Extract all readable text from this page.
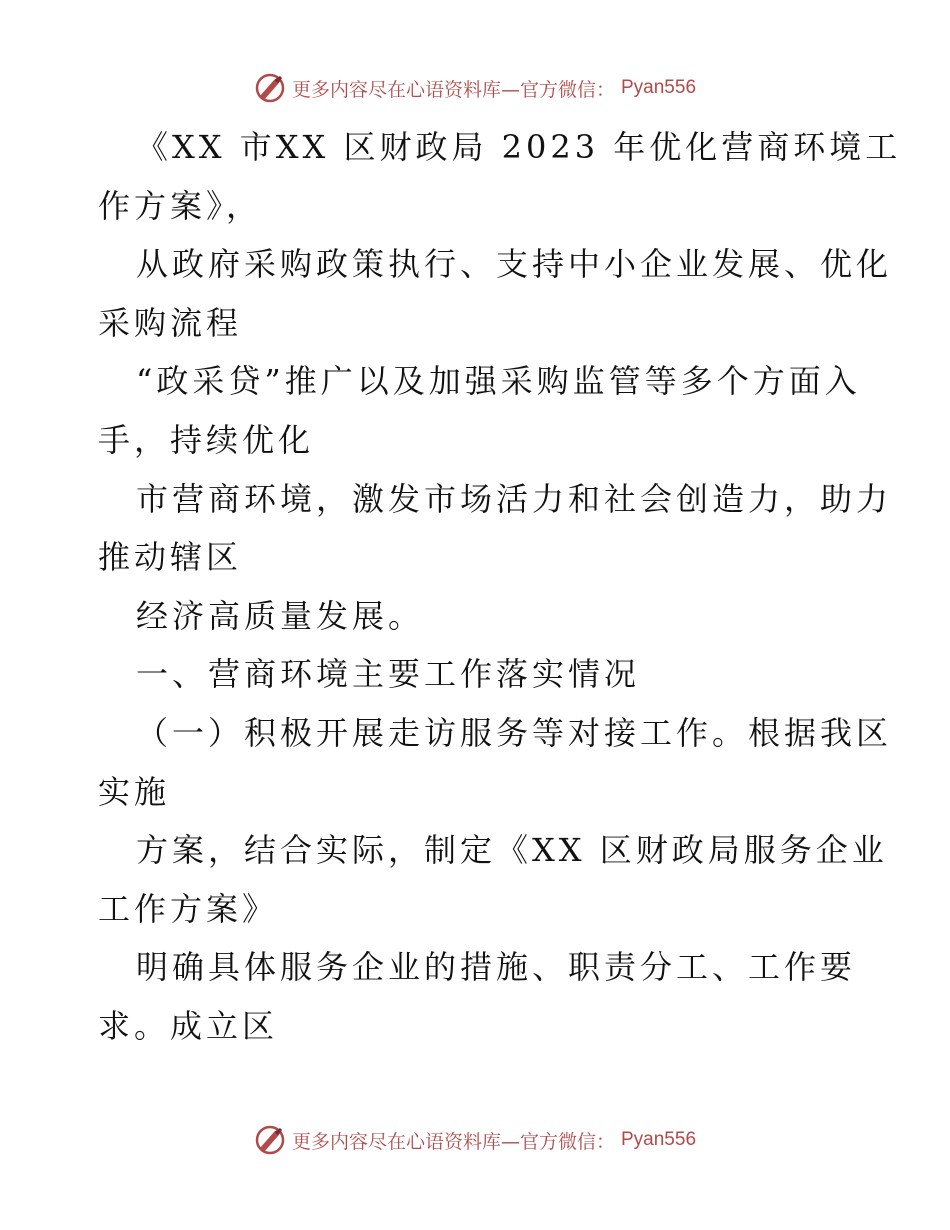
更多内容尽在心语资料库—官方微信： Pyan556
《XX 市XX 区财政局 2023 年优化营商环境工
作方案》，
从政府采购政策执行、支持中小企业发展、优化
采购流程
“政采贷”推广以及加强采购监管等多个方面入
手，持续优化
市营商环境，激发市场活力和社会创造力，助力
推动辖区
经济高质量发展。
一、营商环境主要工作落实情况
（一）积极开展走访服务等对接工作。根据我区
实施
方案，结合实际，制定《XX 区财政局服务企业
工作方案》
明确具体服务企业的措施、职责分工、工作要
求。成立区
更多内容尽在心语资料库—官方微信： Pyan556
